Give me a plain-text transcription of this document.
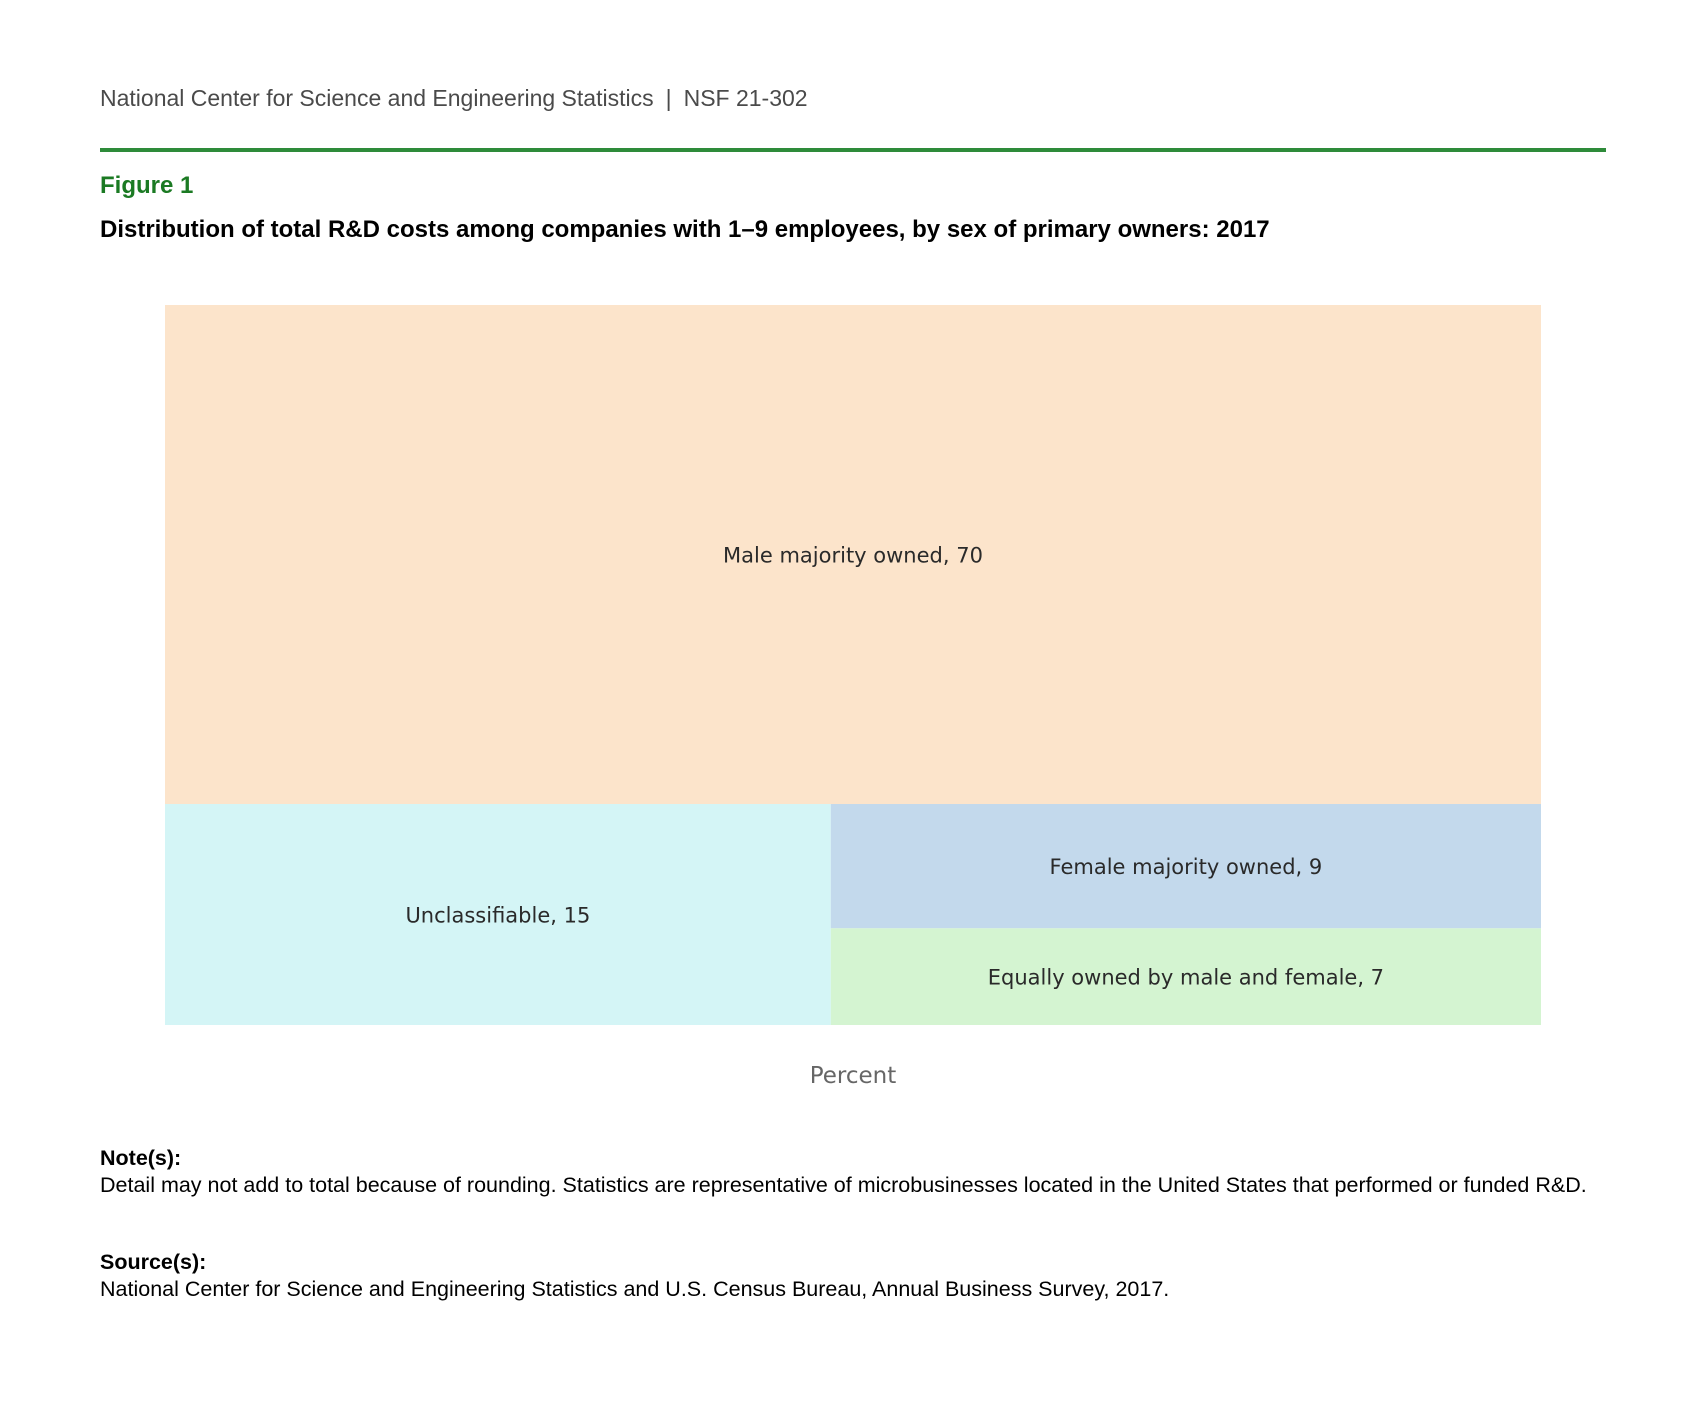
National Center for Science and Engineering Statistics | NSF 21-302
Figure 1
Distribution of total R&D costs among companies with 1–9 employees, by sex of primary owners: 2017
Male majority owned, 70
Unclassifiable, 15
Female majority owned, 9
Equally owned by male and female, 7
Percent
Note(s):
Detail may not add to total because of rounding. Statistics are representative of microbusinesses located in the United States that performed or funded R&D.
Source(s):
National Center for Science and Engineering Statistics and U.S. Census Bureau, Annual Business Survey, 2017.
